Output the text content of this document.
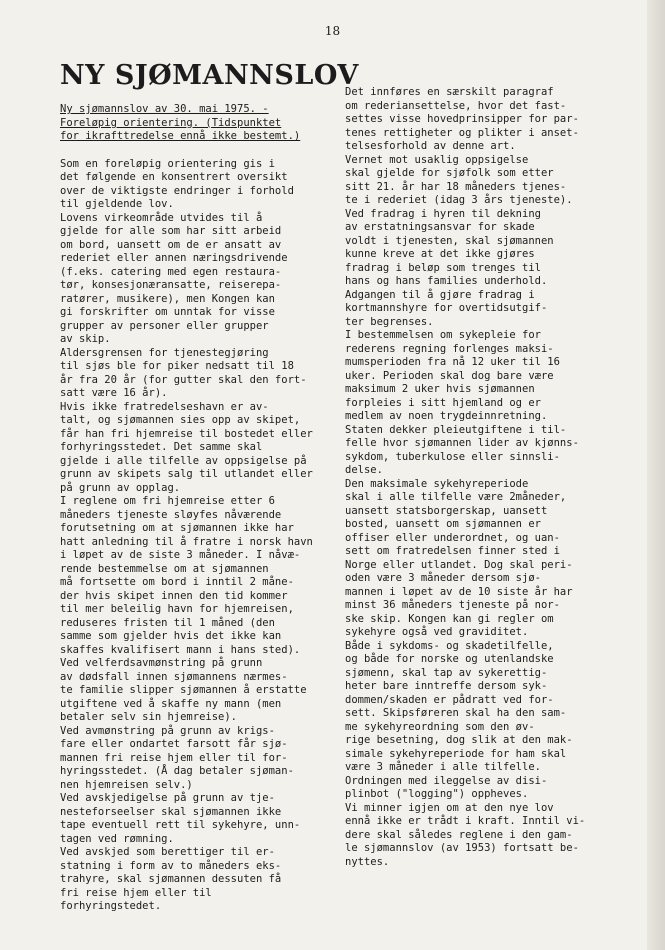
18
NY SJØMANNSLOV

Ny sjømannslov av 30. mai 1975. -
Foreløpig orientering. (Tidspunktet
for ikrafttredelse ennå ikke bestemt.)

Som en foreløpig orientering gis i
det følgende en konsentrert oversikt
over de viktigste endringer i forhold
til gjeldende lov.

Lovens virkeområde utvides til å
gjelde for alle som har sitt arbeid
om bord, uansett om de er ansatt av
rederiet eller annen næringsdrivende
(f.eks. catering med egen restaura-
tør, konsesjonæransatte, reiserepa-
ratører, musikere), men Kongen kan
gi forskrifter om unntak for visse
grupper av personer eller grupper
av skip.

Aldersgrensen for tjenestegjøring
til sjøs ble for piker nedsatt til 18
år fra 20 år (for gutter skal den fort-
satt være 16 år).

Hvis ikke fratredelseshavn er av-
talt, og sjømannen sies opp av skipet,
får han fri hjemreise til bostedet eller
forhyringsstedet. Det samme skal
gjelde i alle tilfelle av oppsigelse på
grunn av skipets salg til utlandet eller
på grunn av opplag.

I reglene om fri hjemreise etter 6
måneders tjeneste sløyfes nåværende
forutsetning om at sjømannen ikke har
hatt anledning til å fratre i norsk havn
i løpet av de siste 3 måneder. I nåvæ-
rende bestemmelse om at sjømannen
må fortsette om bord i inntil 2 måne-
der hvis skipet innen den tid kommer
til mer beleilig havn for hjemreisen,
reduseres fristen til 1 måned (den
samme som gjelder hvis det ikke kan
skaffes kvalifisert mann i hans sted).

Ved velferdsavmønstring på grunn
av dødsfall innen sjømannens nærmes-
te familie slipper sjømannen å erstatte
utgiftene ved å skaffe ny mann (men
betaler selv sin hjemreise).

Ved avmønstring på grunn av krigs-
fare eller ondartet farsott får sjø-
mannen fri reise hjem eller til for-
hyringsstedet. (Å dag betaler sjøman-
nen hjemreisen selv.)

Ved avskjedigelse på grunn av tje-
nesteforseelser skal sjømannen ikke
tape eventuell rett til sykehyre, unn-
tagen ved rømning.

Ved avskjed som berettiger til er-
statning i form av to måneders eks-
trahyre, skal sjømannen dessuten få
fri reise hjem eller til forhyringstedet.

Det innføres en særskilt paragraf
om rederiansettelse, hvor det fast-
settes visse hovedprinsipper for par-
tenes rettigheter og plikter i anset-
telsesforhold av denne art.

Vernet mot usaklig oppsigelse
skal gjelde for sjøfolk som etter
sitt 21. år har 18 måneders tjenes-
te i rederiet (idag 3 års tjeneste).

Ved fradrag i hyren til dekning
av erstatningsansvar for skade
voldt i tjenesten, skal sjømannen
kunne kreve at det ikke gjøres
fradrag i beløp som trenges til
hans og hans families underhold.

Adgangen til å gjøre fradrag i
kortmannshyre for overtidsutgif-
ter begrenses.

I bestemmelsen om sykepleie for
rederens regning forlenges maksi-
mumsperioden fra nå 12 uker til 16
uker. Perioden skal dog bare være
maksimum 2 uker hvis sjømannen
forpleies i sitt hjemland og er
medlem av noen trygdeinnretning.

Staten dekker pleieutgiftene i til-
felle hvor sjømannen lider av kjønns-
sykdom, tuberkulose eller sinnsli-
delse.

Den maksimale sykehyreperiode
skal i alle tilfelle være 2måneder,
uansett statsborgerskap, uansett
bosted, uansett om sjømannen er
offiser eller underordnet, og uan-
sett om fratredelsen finner sted i
Norge eller utlandet. Dog skal peri-
oden være 3 måneder dersom sjø-
mannen i løpet av de 10 siste år har
minst 36 måneders tjeneste på nor-
ske skip. Kongen kan gi regler om
sykehyre også ved graviditet.

Både i sykdoms- og skadetilfelle,
og både for norske og utenlandske
sjømenn, skal tap av sykerettig-
heter bare inntreffe dersom syk-
dommen/skaden er pådratt ved for-
sett. Skipsføreren skal ha den sam-
me sykehyreordning som den øv-
rige besetning, dog slik at den mak-
simale sykehyreperiode for ham skal
være 3 måneder i alle tilfelle.

Ordningen med ileggelse av disi-
plinbot ("logging") oppheves.

Vi minner igjen om at den nye lov
ennå ikke er trådt i kraft. Inntil vi-
dere skal således reglene i den gam-
le sjømannslov (av 1953) fortsatt be-
nyttes.
